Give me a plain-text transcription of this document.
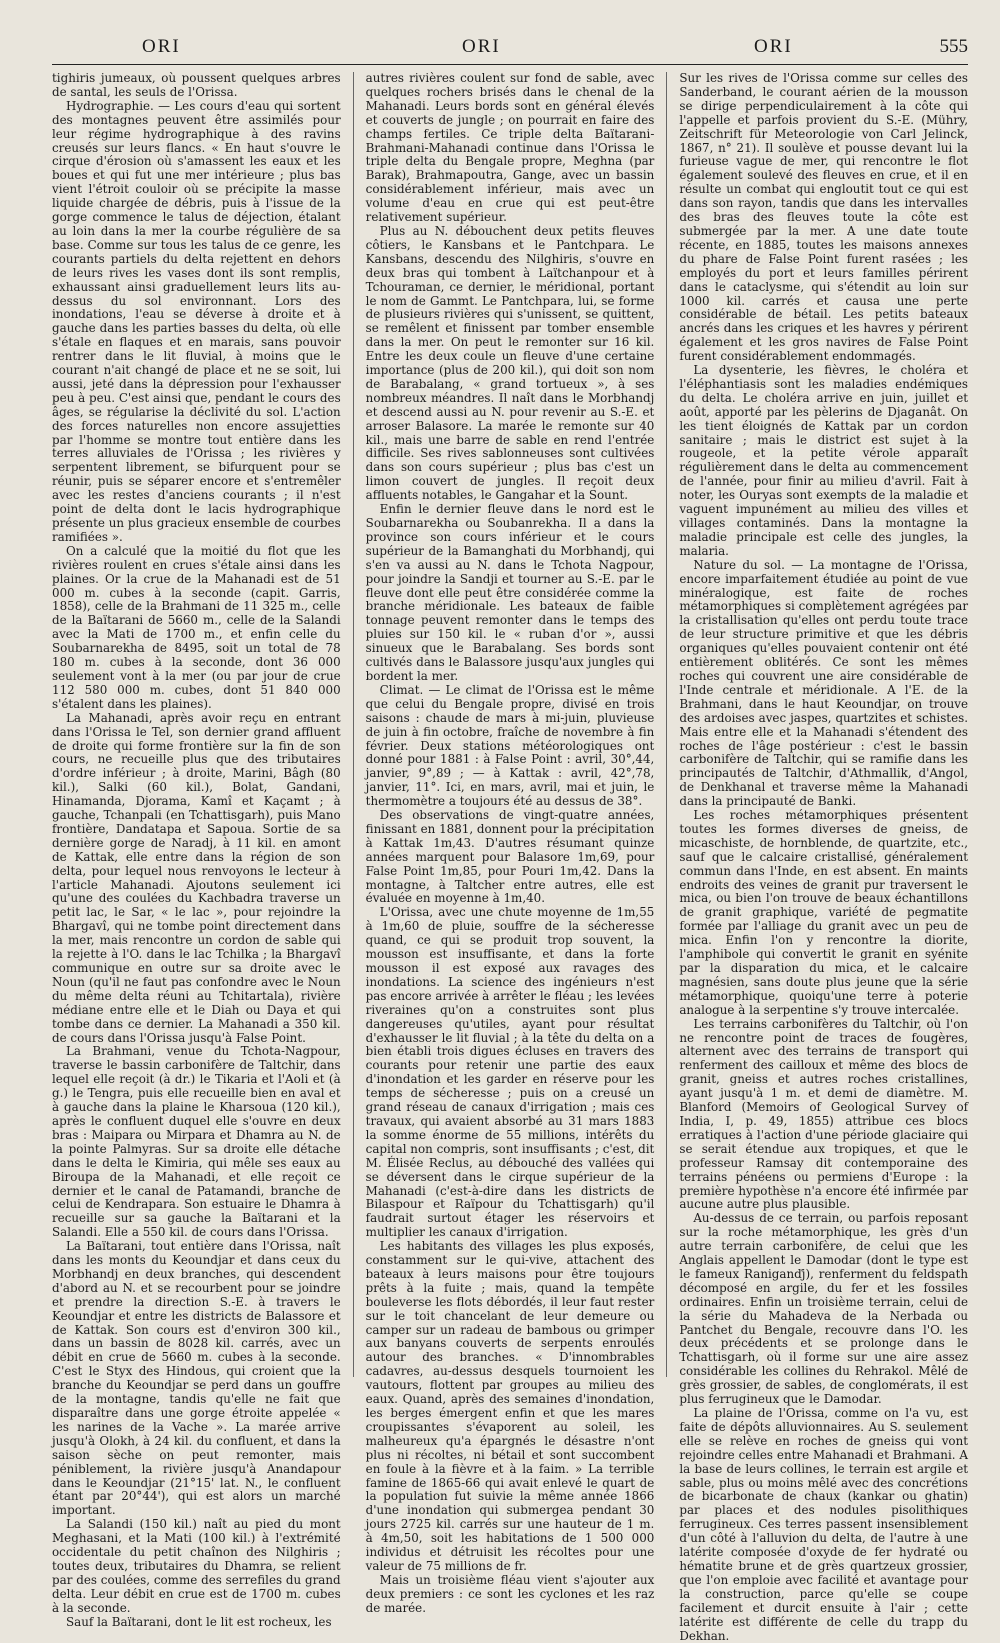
ORI	ORI	ORI	555

tighiris jumeaux, où poussent quelques arbres de santal, les seuls de l'Orissa.

Hydrographie. — Les cours d'eau qui sortent des montagnes peuvent être assimilés pour leur régime hydrographique à des ravins creusés sur leurs flancs. « En haut s'ouvre le cirque d'érosion où s'amassent les eaux et les boues et qui fut une mer intérieure ; plus bas vient l'étroit couloir où se précipite la masse liquide chargée de débris, puis à l'issue de la gorge commence le talus de déjection, étalant au loin dans la mer la courbe régulière de sa base. Comme sur tous les talus de ce genre, les courants partiels du delta rejettent en dehors de leurs rives les vases dont ils sont remplis, exhaussant ainsi graduellement leurs lits au-dessus du sol environnant. Lors des inondations, l'eau se déverse à droite et à gauche dans les parties basses du delta, où elle s'étale en flaques et en marais, sans pouvoir rentrer dans le lit fluvial, à moins que le courant n'ait changé de place et ne se soit, lui aussi, jeté dans la dépression pour l'exhausser peu à peu. C'est ainsi que, pendant le cours des âges, se régularise la déclivité du sol. L'action des forces naturelles non encore assujetties par l'homme se montre tout entière dans les terres alluviales de l'Orissa ; les rivières y serpentent librement, se bifurquent pour se réunir, puis se séparer encore et s'entremêler avec les restes d'anciens courants ; il n'est point de delta dont le lacis hydrographique présente un plus gracieux ensemble de courbes ramifiées ».

On a calculé que la moitié du flot que les rivières roulent en crues s'étale ainsi dans les plaines. Or la crue de la Mahanadi est de 51 000 m. cubes à la seconde (capit. Garris, 1858), celle de la Brahmani de 11 325 m., celle de la Baïtarani de 5660 m., celle de la Salandi avec la Mati de 1700 m., et enfin celle du Soubarnarekha de 8495, soit un total de 78 180 m. cubes à la seconde, dont 36 000 seulement vont à la mer (ou par jour de crue 112 580 000 m. cubes, dont 51 840 000 s'étalent dans les plaines).

La Mahanadi, après avoir reçu en entrant dans l'Orissa le Tel, son dernier grand affluent de droite qui forme frontière sur la fin de son cours, ne recueille plus que des tributaires d'ordre inférieur ; à droite, Marini, Bâgh (80 kil.), Salki (60 kil.), Bolat, Gandani, Hinamanda, Djorama, Kamî et Kaçamt ; à gauche, Tchanpali (en Tchattisgarh), puis Mano frontière, Dandatapa et Sapoua. Sortie de sa dernière gorge de Naradj, à 11 kil. en amont de Kattak, elle entre dans la région de son delta, pour lequel nous renvoyons le lecteur à l'article Mahanadi. Ajoutons seulement ici qu'une des coulées du Kachbadra traverse un petit lac, le Sar, « le lac », pour rejoindre la Bhargavî, qui ne tombe point directement dans la mer, mais rencontre un cordon de sable qui la rejette à l'O. dans le lac Tchilka ; la Bhargavî communique en outre sur sa droite avec le Noun (qu'il ne faut pas confondre avec le Noun du même delta réuni au Tchitartala), rivière médiane entre elle et le Diah ou Daya et qui tombe dans ce dernier. La Mahanadi a 350 kil. de cours dans l'Orissa jusqu'à False Point.

La Brahmani, venue du Tchota-Nagpour, traverse le bassin carbonifère de Taltchir, dans lequel elle reçoit (à dr.) le Tikaria et l'Aoli et (à g.) le Tengra, puis elle recueille bien en aval et à gauche dans la plaine le Kharsoua (120 kil.), après le confluent duquel elle s'ouvre en deux bras : Maipara ou Mirpara et Dhamra au N. de la pointe Palmyras. Sur sa droite elle détache dans le delta le Kimiria, qui mêle ses eaux au Biroupa de la Mahanadi, et elle reçoit ce dernier et le canal de Patamandi, branche de celui de Kendrapara. Son estuaire le Dhamra à recueille sur sa gauche la Baïtarani et la Salandi. Elle a 550 kil. de cours dans l'Orissa.

La Baïtarani, tout entière dans l'Orissa, naît dans les monts du Keoundjar et dans ceux du Morbhandj en deux branches, qui descendent d'abord au N. et se recourbent pour se joindre et prendre la direction S.-E. à travers le Keoundjar et entre les districts de Balassore et de Kattak. Son cours est d'environ 300 kil., dans un bassin de 8028 kil. carrés, avec un débit en crue de 5660 m. cubes à la seconde. C'est le Styx des Hindous, qui croient que la branche du Keoundjar se perd dans un gouffre de la montagne, tandis qu'elle ne fait que disparaître dans une gorge étroite appelée « les narines de la Vache ». La marée arrive jusqu'à Olokh, à 24 kil. du confluent, et dans la saison sèche on peut remonter, mais péniblement, la rivière jusqu'à Anandapour dans le Keoundjar (21°15' lat. N., le confluent étant par 20°44'), qui est alors un marché important.

La Salandi (150 kil.) naît au pied du mont Meghasani, et la Mati (100 kil.) à l'extrémité occidentale du petit chaînon des Nilghiris ; toutes deux, tributaires du Dhamra, se relient par des coulées, comme des serrefiles du grand delta. Leur débit en crue est de 1700 m. cubes à la seconde.

Sauf la Baïtarani, dont le lit est rocheux, les

autres rivières coulent sur fond de sable, avec quelques rochers brisés dans le chenal de la Mahanadi. Leurs bords sont en général élevés et couverts de jungle ; on pourrait en faire des champs fertiles. Ce triple delta Baïtarani-Brahmani-Mahanadi continue dans l'Orissa le triple delta du Bengale propre, Meghna (par Barak), Brahmapoutra, Gange, avec un bassin considérablement inférieur, mais avec un volume d'eau en crue qui est peut-être relativement supérieur.

Plus au N. débouchent deux petits fleuves côtiers, le Kansbans et le Pantchpara. Le Kansbans, descendu des Nilghiris, s'ouvre en deux bras qui tombent à Laïtchanpour et à Tchouraman, ce dernier, le méridional, portant le nom de Gammt. Le Pantchpara, lui, se forme de plusieurs rivières qui s'unissent, se quittent, se remêlent et finissent par tomber ensemble dans la mer. On peut le remonter sur 16 kil. Entre les deux coule un fleuve d'une certaine importance (plus de 200 kil.), qui doit son nom de Barabalang, « grand tortueux », à ses nombreux méandres. Il naît dans le Morbhandj et descend aussi au N. pour revenir au S.-E. et arroser Balasore. La marée le remonte sur 40 kil., mais une barre de sable en rend l'entrée difficile. Ses rives sablonneuses sont cultivées dans son cours supérieur ; plus bas c'est un limon couvert de jungles. Il reçoit deux affluents notables, le Gangahar et la Sount.

Enfin le dernier fleuve dans le nord est le Soubarnarekha ou Soubanrekha. Il a dans la province son cours inférieur et le cours supérieur de la Bamanghati du Morbhandj, qui s'en va aussi au N. dans le Tchota Nagpour, pour joindre la Sandji et tourner au S.-E. par le fleuve dont elle peut être considérée comme la branche méridionale. Les bateaux de faible tonnage peuvent remonter dans le temps des pluies sur 150 kil. le « ruban d'or », aussi sinueux que le Barabalang. Ses bords sont cultivés dans le Balassore jusqu'aux jungles qui bordent la mer.

Climat. — Le climat de l'Orissa est le même que celui du Bengale propre, divisé en trois saisons : chaude de mars à mi-juin, pluvieuse de juin à fin octobre, fraîche de novembre à fin février. Deux stations météorologiques ont donné pour 1881 : à False Point : avril, 30°,44, janvier, 9°,89 ; — à Kattak : avril, 42°,78, janvier, 11°. Ici, en mars, avril, mai et juin, le thermomètre a toujours été au dessus de 38°.

Des observations de vingt-quatre années, finissant en 1881, donnent pour la précipitation à Kattak 1m,43. D'autres résumant quinze années marquent pour Balasore 1m,69, pour False Point 1m,85, pour Pouri 1m,42. Dans la montagne, à Taltcher entre autres, elle est évaluée en moyenne à 1m,40.

L'Orissa, avec une chute moyenne de 1m,55 à 1m,60 de pluie, souffre de la sécheresse quand, ce qui se produit trop souvent, la mousson est insuffisante, et dans la forte mousson il est exposé aux ravages des inondations. La science des ingénieurs n'est pas encore arrivée à arrêter le fléau ; les levées riveraines qu'on a construites sont plus dangereuses qu'utiles, ayant pour résultat d'exhausser le lit fluvial ; à la tête du delta on a bien établi trois digues écluses en travers des courants pour retenir une partie des eaux d'inondation et les garder en réserve pour les temps de sécheresse ; puis on a creusé un grand réseau de canaux d'irrigation ; mais ces travaux, qui avaient absorbé au 31 mars 1883 la somme énorme de 55 millions, intérêts du capital non compris, sont insuffisants ; c'est, dit M. Élisée Reclus, au débouché des vallées qui se déversent dans le cirque supérieur de la Mahanadi (c'est-à-dire dans les districts de Bilaspour et Raïpour du Tchattisgarh) qu'il faudrait surtout étager les réservoirs et multiplier les canaux d'irrigation.

Les habitants des villages les plus exposés, constamment sur le qui-vive, attachent des bateaux à leurs maisons pour être toujours prêts à la fuite ; mais, quand la tempête bouleverse les flots débordés, il leur faut rester sur le toit chancelant de leur demeure ou camper sur un radeau de bambous ou grimper aux banyans couverts de serpents enroulés autour des branches. « D'innombrables cadavres, au-dessus desquels tournoient les vautours, flottent par groupes au milieu des eaux. Quand, après des semaines d'inondation, les berges émergent enfin et que les mares croupissantes s'évaporent au soleil, les malheureux qu'a épargnés le désastre n'ont plus ni récoltes, ni bétail et sont succombent en foule à la fièvre et à la faim. » La terrible famine de 1865-66 qui avait enlevé le quart de la population fut suivie la même année 1866 d'une inondation qui submergea pendant 30 jours 2725 kil. carrés sur une hauteur de 1 m. à 4m,50, soit les habitations de 1 500 000 individus et détruisit les récoltes pour une valeur de 75 millions de fr.

Mais un troisième fléau vient s'ajouter aux deux premiers : ce sont les cyclones et les raz de marée.

Sur les rives de l'Orissa comme sur celles des Sanderband, le courant aérien de la mousson se dirige perpendiculairement à la côte qui l'appelle et parfois provient du S.-E. (Mühry, Zeitschrift für Meteorologie von Carl Jelinck, 1867, n° 21). Il soulève et pousse devant lui la furieuse vague de mer, qui rencontre le flot également soulevé des fleuves en crue, et il en résulte un combat qui engloutit tout ce qui est dans son rayon, tandis que dans les intervalles des bras des fleuves toute la côte est submergée par la mer. A une date toute récente, en 1885, toutes les maisons annexes du phare de False Point furent rasées ; les employés du port et leurs familles périrent dans le cataclysme, qui s'étendit au loin sur 1000 kil. carrés et causa une perte considérable de bétail. Les petits bateaux ancrés dans les criques et les havres y périrent également et les gros navires de False Point furent considérablement endommagés.

La dysenterie, les fièvres, le choléra et l'éléphantiasis sont les maladies endémiques du delta. Le choléra arrive en juin, juillet et août, apporté par les pèlerins de Djaganât. On les tient éloignés de Kattak par un cordon sanitaire ; mais le district est sujet à la rougeole, et la petite vérole apparaît régulièrement dans le delta au commencement de l'année, pour finir au milieu d'avril. Fait à noter, les Ouryas sont exempts de la maladie et vaguent impunément au milieu des villes et villages contaminés. Dans la montagne la maladie principale est celle des jungles, la malaria.

Nature du sol. — La montagne de l'Orissa, encore imparfaitement étudiée au point de vue minéralogique, est faite de roches métamorphiques si complètement agrégées par la cristallisation qu'elles ont perdu toute trace de leur structure primitive et que les débris organiques qu'elles pouvaient contenir ont été entièrement oblitérés. Ce sont les mêmes roches qui couvrent une aire considérable de l'Inde centrale et méridionale. A l'E. de la Brahmani, dans le haut Keoundjar, on trouve des ardoises avec jaspes, quartzites et schistes. Mais entre elle et la Mahanadi s'étendent des roches de l'âge postérieur : c'est le bassin carbonifère de Taltchir, qui se ramifie dans les principautés de Taltchir, d'Athmallik, d'Angol, de Denkhanal et traverse même la Mahanadi dans la principauté de Banki.

Les roches métamorphiques présentent toutes les formes diverses de gneiss, de micaschiste, de hornblende, de quartzite, etc., sauf que le calcaire cristallisé, généralement commun dans l'Inde, en est absent. En maints endroits des veines de granit pur traversent le mica, ou bien l'on trouve de beaux échantillons de granit graphique, variété de pegmatite formée par l'alliage du granit avec un peu de mica. Enfin l'on y rencontre la diorite, l'amphibole qui convertit le granit en syénite par la disparation du mica, et le calcaire magnésien, sans doute plus jeune que la série métamorphique, quoiqu'une terre à poterie analogue à la serpentine s'y trouve intercalée.

Les terrains carbonifères du Taltchir, où l'on ne rencontre point de traces de fougères, alternent avec des terrains de transport qui renferment des cailloux et même des blocs de granit, gneiss et autres roches cristallines, ayant jusqu'à 1 m. et demi de diamètre. M. Blanford (Memoirs of Geological Survey of India, I, p. 49, 1855) attribue ces blocs erratiques à l'action d'une période glaciaire qui se serait étendue aux tropiques, et que le professeur Ramsay dit contemporaine des terrains pénéens ou permiens d'Europe : la première hypothèse n'a encore été infirmée par aucune autre plus plausible.

Au-dessus de ce terrain, ou parfois reposant sur la roche métamorphique, les grès d'un autre terrain carbonifère, de celui que les Anglais appellent le Damodar (dont le type est le fameux Raniganďj), renferment du feldspath décomposé en argile, du fer et les fossiles ordinaires. Enfin un troisième terrain, celui de la série du Mahadeva de la Nerbada ou Pantchet du Bengale, recouvre dans l'O. les deux précédents et se prolonge dans le Tchattisgarh, où il forme sur une aire assez considérable les collines du Rehrakol. Mêlé de grès grossier, de sables, de conglomérats, il est plus ferrugineux que le Damodar.

La plaine de l'Orissa, comme on l'a vu, est faite de dépôts alluvionnaires. Au S. seulement elle se relève en roches de gneiss qui vont rejoindre celles entre Mahanadi et Brahmani. A la base de leurs collines, le terrain est argile et sable, plus ou moins mêlé avec des concrétions de bicarbonate de chaux (kankar ou ghatin) par places et des nodules pisolithiques ferrugineux. Ces terres passent insensiblement d'un côté à l'alluvion du delta, de l'autre à une latérite composée d'oxyde de fer hydraté ou hématite brune et de grès quartzeux grossier, que l'on emploie avec facilité et avantage pour la construction, parce qu'elle se coupe facilement et durcit ensuite à l'air ; cette latérite est différente de celle du trapp du Dekhan.
